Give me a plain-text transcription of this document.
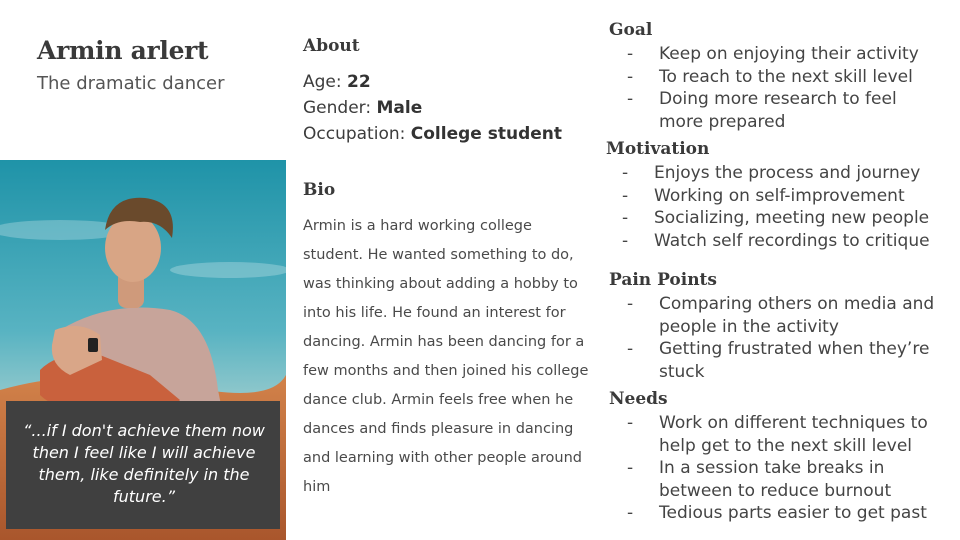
Armin arlert
The dramatic dancer
“...if I don't achieve them now then I feel like I will achieve them, like definitely in the future.”
About
Age: 22
Gender: Male
Occupation: College student
Bio
Armin is a hard working college student. He wanted something to do, was thinking about adding a hobby to into his life. He found an interest for dancing. Armin has been dancing for a few months and then joined his college dance club. Armin feels free when he dances and finds pleasure in dancing and learning with other people around him
Goal
- Keep on enjoying their activity
- To reach to the next skill level
- Doing more research to feel
more prepared
Motivation
- Enjoys the process and journey
- Working on self-improvement
- Socializing, meeting new people
- Watch self recordings to critique
Pain Points
- Comparing others on media and
people in the activity
- Getting frustrated when they’re
stuck
Needs
- Work on different techniques to
help get to the next skill level
- In a session take breaks in
between to reduce burnout
- Tedious parts easier to get past
